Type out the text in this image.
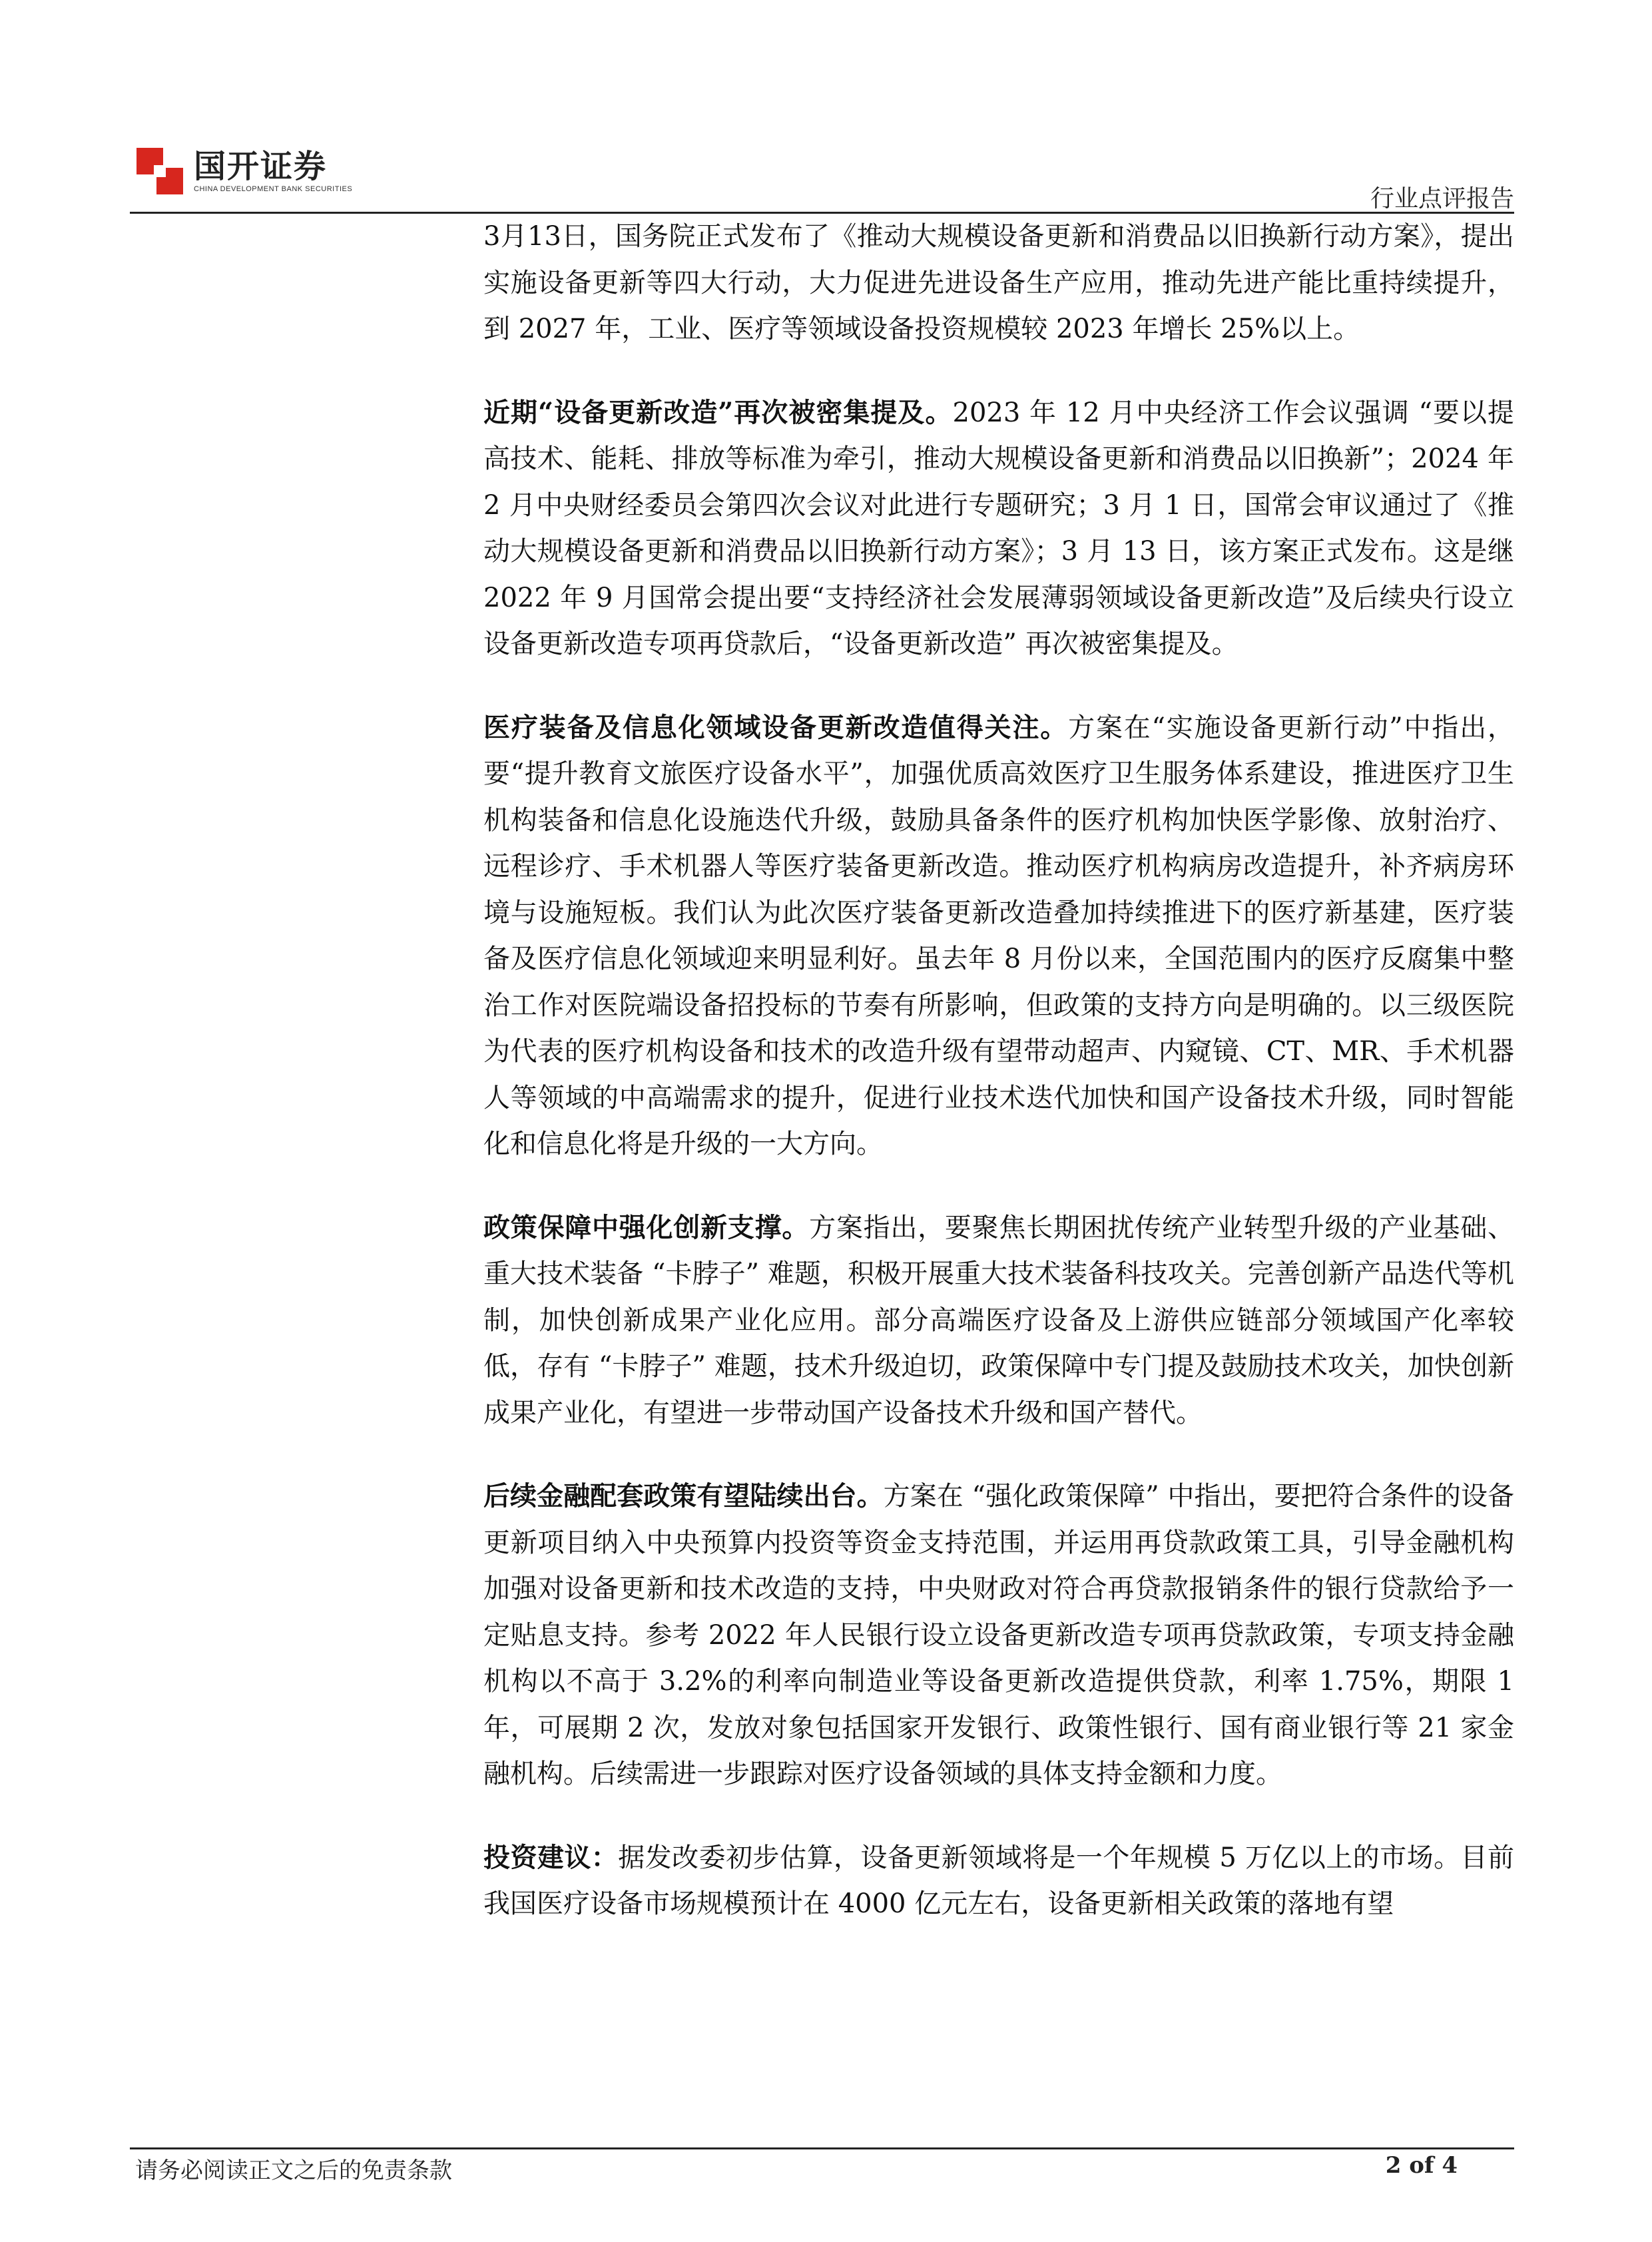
国开证券
CHINA DEVELOPMENT BANK SECURITIES	行业点评报告

3月13日，国务院正式发布了《推动大规模设备更新和消费品以旧换新行动方案》，提出实施设备更新等四大行动，大力促进先进设备生产应用，推动先进产能比重持续提升，到 2027 年，工业、医疗等领域设备投资规模较 2023 年增长 25%以上。

近期“设备更新改造”再次被密集提及。2023 年 12 月中央经济工作会议强调 “要以提高技术、能耗、排放等标准为牵引，推动大规模设备更新和消费品以旧换新”；2024 年 2 月中央财经委员会第四次会议对此进行专题研究；3 月 1 日，国常会审议通过了《推动大规模设备更新和消费品以旧换新行动方案》；3 月 13 日，该方案正式发布。这是继 2022 年 9 月国常会提出要“支持经济社会发展薄弱领域设备更新改造”及后续央行设立设备更新改造专项再贷款后，“设备更新改造” 再次被密集提及。

医疗装备及信息化领域设备更新改造值得关注。方案在“实施设备更新行动”中指出，要“提升教育文旅医疗设备水平”，加强优质高效医疗卫生服务体系建设，推进医疗卫生机构装备和信息化设施迭代升级，鼓励具备条件的医疗机构加快医学影像、放射治疗、远程诊疗、手术机器人等医疗装备更新改造。推动医疗机构病房改造提升，补齐病房环境与设施短板。我们认为此次医疗装备更新改造叠加持续推进下的医疗新基建，医疗装备及医疗信息化领域迎来明显利好。虽去年 8 月份以来，全国范围内的医疗反腐集中整治工作对医院端设备招投标的节奏有所影响，但政策的支持方向是明确的。以三级医院为代表的医疗机构设备和技术的改造升级有望带动超声、内窥镜、CT、MR、手术机器人等领域的中高端需求的提升，促进行业技术迭代加快和国产设备技术升级，同时智能化和信息化将是升级的一大方向。

政策保障中强化创新支撑。方案指出，要聚焦长期困扰传统产业转型升级的产业基础、重大技术装备 “卡脖子” 难题，积极开展重大技术装备科技攻关。完善创新产品迭代等机制，加快创新成果产业化应用。部分高端医疗设备及上游供应链部分领域国产化率较低，存有 “卡脖子” 难题，技术升级迫切，政策保障中专门提及鼓励技术攻关，加快创新成果产业化，有望进一步带动国产设备技术升级和国产替代。

后续金融配套政策有望陆续出台。方案在 “强化政策保障” 中指出，要把符合条件的设备更新项目纳入中央预算内投资等资金支持范围，并运用再贷款政策工具，引导金融机构加强对设备更新和技术改造的支持，中央财政对符合再贷款报销条件的银行贷款给予一定贴息支持。参考 2022 年人民银行设立设备更新改造专项再贷款政策，专项支持金融机构以不高于 3.2%的利率向制造业等设备更新改造提供贷款，利率 1.75%，期限 1 年，可展期 2 次，发放对象包括国家开发银行、政策性银行、国有商业银行等 21 家金融机构。后续需进一步跟踪对医疗设备领域的具体支持金额和力度。

投资建议：据发改委初步估算，设备更新领域将是一个年规模 5 万亿以上的市场。目前我国医疗设备市场规模预计在 4000 亿元左右，设备更新相关政策的落地有望

请务必阅读正文之后的免责条款	2 of 4
